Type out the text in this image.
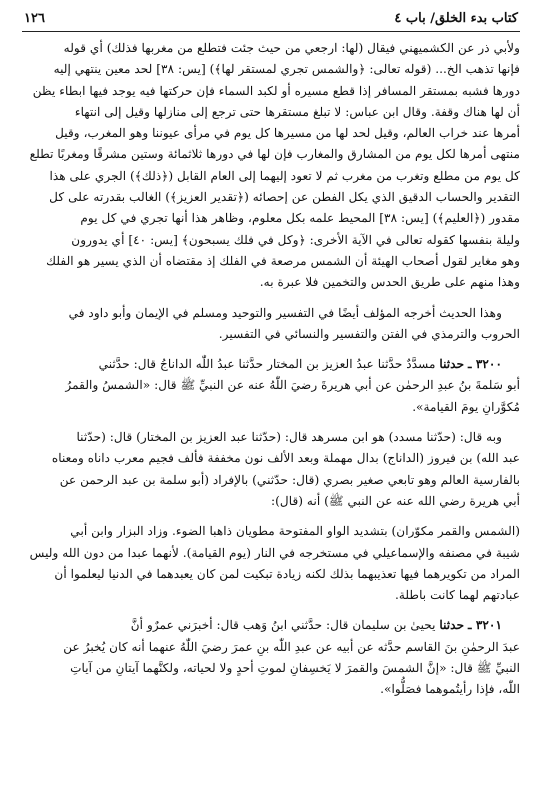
كتاب بدء الخلق/ باب ٤
١٢٦

ولأبي ذر عن الكشميهني فيقال (لها: ارجعي من حيث جئت فتطلع من مغربها فذلك) أي قوله

فإنها تذهب الخ... (قوله تعالى: ﴿والشمس تجري لمستقر لها﴾) [يس: ٣٨] لحد معين ينتهي إليه

دورها فشبه بمستقر المسافر إذا قطع مسيره أو لكبد السماء فإن حركتها فيه يوجد فيها ابطاء يظن

أن لها هناك وقفة. وقال ابن عباس: لا تبلغ مستقرها حتى ترجع إلى منازلها وقيل إلى انتهاء

أمرها عند خراب العالم، وقيل لحد لها من مسيرها كل يوم في مرأى عيوننا وهو المغرب، وقيل

منتهى أمرها لكل يوم من المشارق والمغارب فإن لها في دورها ثلاثمائة وستين مشرقًا ومغربًا تطلع

كل يوم من مطلع وتغرب من مغرب ثم لا تعود إليهما إلى العام القابل (﴿ذلك﴾) الجري على هذا

التقدير والحساب الدقيق الذي يكل الفطن عن إحصائه (﴿تقدير العزيز﴾) الغالب بقدرته على كل

مقدور (﴿العليم﴾) [يس: ٣٨] المحيط علمه بكل معلوم، وظاهر هذا أنها تجري في كل يوم

وليلة بنفسها كقوله تعالى في الآية الأخرى: ﴿وكل في فلك يسبحون﴾ [يس: ٤٠] أي يدورون

وهو مغاير لقول أصحاب الهيئة أن الشمس مرصعة في الفلك إذ مقتضاه أن الذي يسير هو الفلك

وهذا منهم على طريق الحدس والتخمين فلا عبرة به.

وهذا الحديث أخرجه المؤلف أيضًا في التفسير والتوحيد ومسلم في الإيمان وأبو داود في

الحروب والترمذي في الفتن والتفسير والنسائي في التفسير.

٣٢٠٠ ـ حدثنا مسدَّدٌ حدَّثنا عبدُ العزيز بن المختار حدَّثنا عبدُ اللّٰه الداناجُ قال: حدَّثني

أبو سَلمةَ بنُ عبدِ الرحمٰن عن أبي هريرةَ رضيَ اللّٰهُ عنه عن النبيِّ ﷺ قال: «الشمسُ والقمرُ

مُكوَّرانِ يومَ القيامة».

وبه قال: (حدّثنا مسدد) هو ابن مسرهد قال: (حدّثنا عبد العزيز بن المختار) قال: (حدّثنا

عبد الله) بن فيروز (الداناج) بدال مهملة وبعد الألف نون مخففة فألف فجيم معرب داناه ومعناه

بالفارسية العالم وهو تابعي صغير بصري (قال: حدّثني) بالإفراد (أبو سلمة بن عبد الرحمن عن

أبي هريرة رضي الله عنه عن النبي ﷺ) أنه (قال):

(الشمس والقمر مكوّران) بتشديد الواو المفتوحة مطويان ذاهبا الضوء. وزاد البزار وابن أبي

شيبة في مصنفه والإسماعيلي في مستخرجه في النار (يوم القيامة). لأنهما عبدا من دون الله وليس

المراد من تكويرهما فيها تعذيبهما بذلك لكنه زيادة تبكيت لمن كان يعبدهما في الدنيا ليعلموا أن

عبادتهم لهما كانت باطلة.

٣٢٠١ ـ حدثنا يحيىٰ بن سليمان قال: حدَّثني ابنُ وَهب قال: أخبرَني عمرٌو أنَّ

عبدَ الرحمٰنِ بنَ القاسم حدَّثه عن أبيه عن عبدِ اللّٰه بنِ عمرَ رضيَ اللّٰهُ عنهما أنه كان يُخبرُ عن

النبيِّ ﷺ قال: «إنَّ الشمسَ والقمرَ لا يَخسِفانِ لموتِ أحدٍ ولا لحياته، ولكنَّهما آيتانِ من آياتِ

اللّٰه، فإذا رأيتُموهما فصَلُّوا».
